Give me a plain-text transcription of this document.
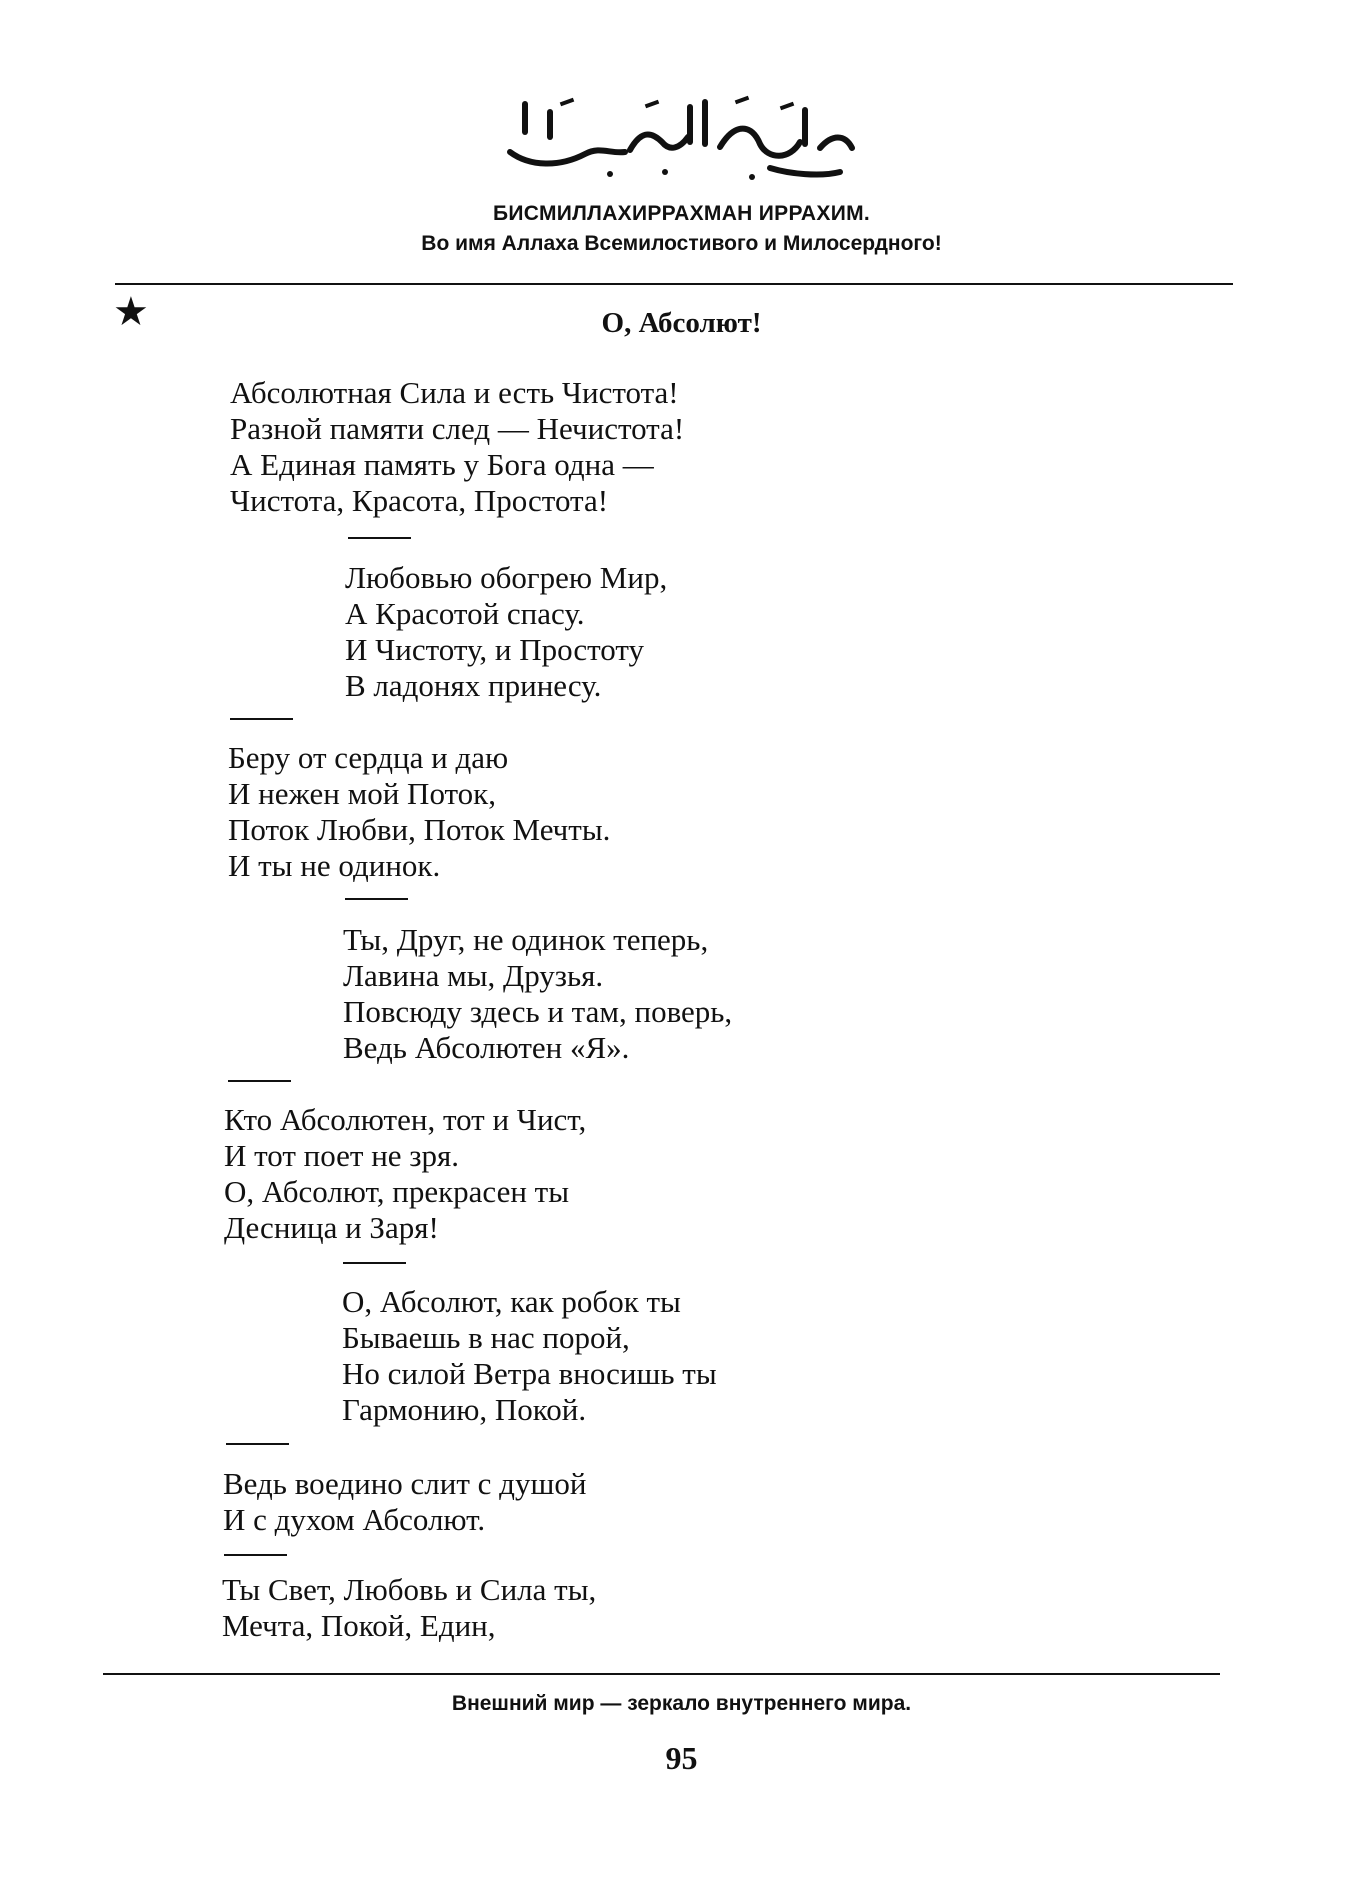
БИСМИЛЛАХИРРАХМАН ИРРАХИМ.
Во имя Аллаха Всемилостивого и Милосердного!
★	О, Абсолют!
Абсолютная Сила и есть Чистота!
Разной памяти след — Нечистота!
А Единая память у Бога одна —
Чистота, Красота, Простота!
Любовью обогрею Мир,
А Красотой спасу.
И Чистоту, и Простоту
В ладонях принесу.
Беру от сердца и даю
И нежен мой Поток,
Поток Любви, Поток Мечты.
И ты не одинок.
Ты, Друг, не одинок теперь,
Лавина мы, Друзья.
Повсюду здесь и там, поверь,
Ведь Абсолютен «Я».
Кто Абсолютен, тот и Чист,
И тот поет не зря.
О, Абсолют, прекрасен ты
Десница и Заря!
О, Абсолют, как робок ты
Бываешь в нас порой,
Но силой Ветра вносишь ты
Гармонию, Покой.
Ведь воедино слит с душой
И с духом Абсолют.
Ты Свет, Любовь и Сила ты,
Мечта, Покой, Един,
Внешний мир — зеркало внутреннего мира.
95
